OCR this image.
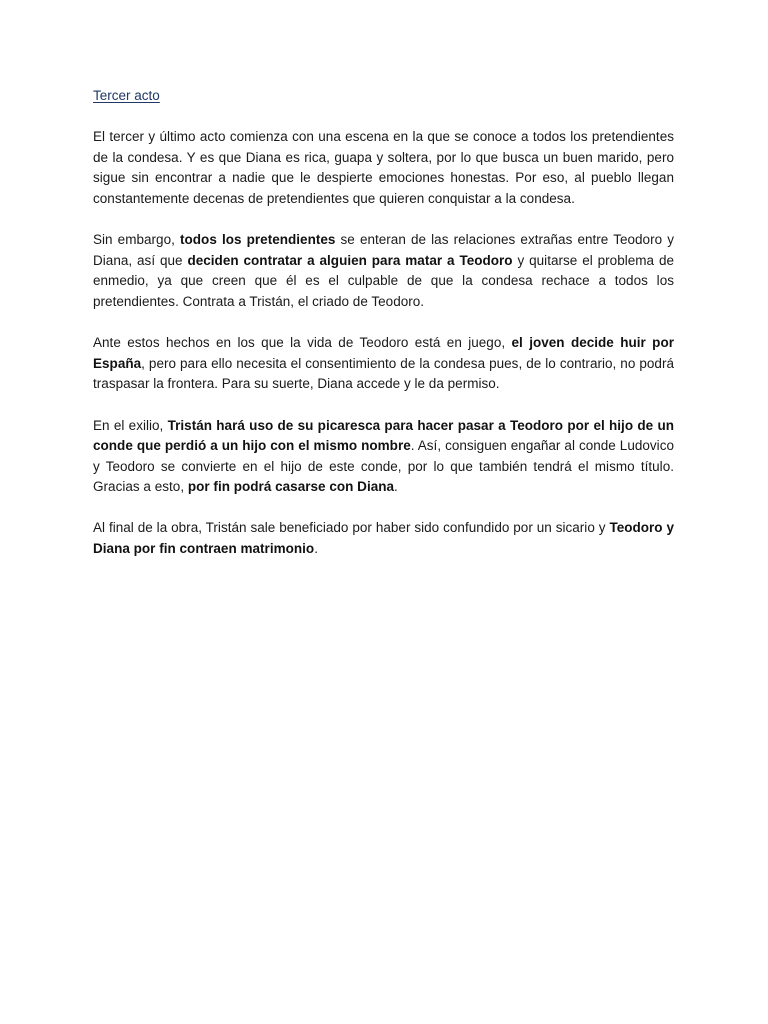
Tercer acto

El tercer y último acto comienza con una escena en la que se conoce a todos los pretendientes de la condesa. Y es que Diana es rica, guapa y soltera, por lo que busca un buen marido, pero sigue sin encontrar a nadie que le despierte emociones honestas. Por eso, al pueblo llegan constantemente decenas de pretendientes que quieren conquistar a la condesa.

Sin embargo, todos los pretendientes se enteran de las relaciones extrañas entre Teodoro y Diana, así que deciden contratar a alguien para matar a Teodoro y quitarse el problema de enmedio, ya que creen que él es el culpable de que la condesa rechace a todos los pretendientes. Contrata a Tristán, el criado de Teodoro.

Ante estos hechos en los que la vida de Teodoro está en juego, el joven decide huir por España, pero para ello necesita el consentimiento de la condesa pues, de lo contrario, no podrá traspasar la frontera. Para su suerte, Diana accede y le da permiso.

En el exilio, Tristán hará uso de su picaresca para hacer pasar a Teodoro por el hijo de un conde que perdió a un hijo con el mismo nombre. Así, consiguen engañar al conde Ludovico y Teodoro se convierte en el hijo de este conde, por lo que también tendrá el mismo título. Gracias a esto, por fin podrá casarse con Diana.

Al final de la obra, Tristán sale beneficiado por haber sido confundido por un sicario y Teodoro y Diana por fin contraen matrimonio.
